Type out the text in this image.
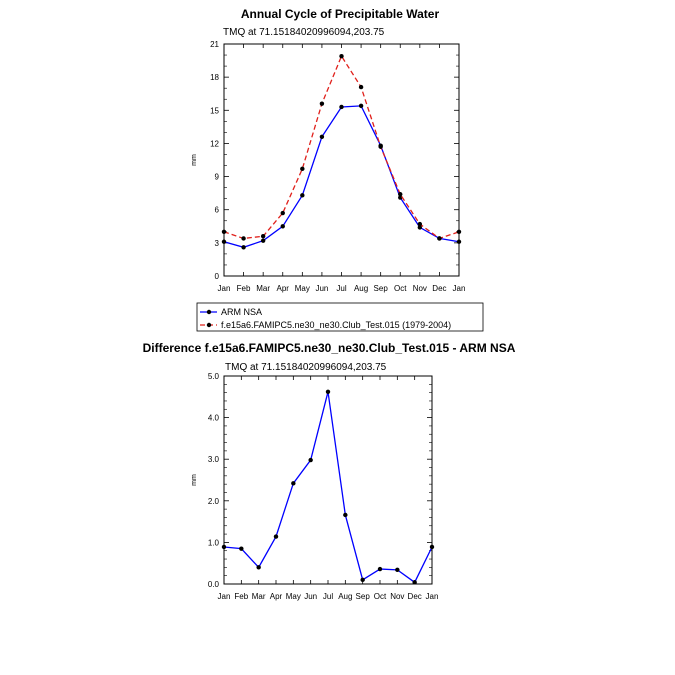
Annual Cycle of Precipitable Water
TMQ at 71.15184020996094,203.75
mm
ARM NSA
f.e15a6.FAMIPC5.ne30_ne30.Club_Test.015 (1979-2004)
Difference f.e15a6.FAMIPC5.ne30_ne30.Club_Test.015 - ARM NSA
TMQ at 71.15184020996094,203.75
mm
Jan Feb Mar Apr May Jun Jul Aug Sep Oct Nov Dec Jan
0
3
6
9
12
15
18
21
Jan Feb Mar Apr May Jun Jul Aug Sep Oct Nov Dec Jan
0.0
1.0
2.0
3.0
4.0
5.0
